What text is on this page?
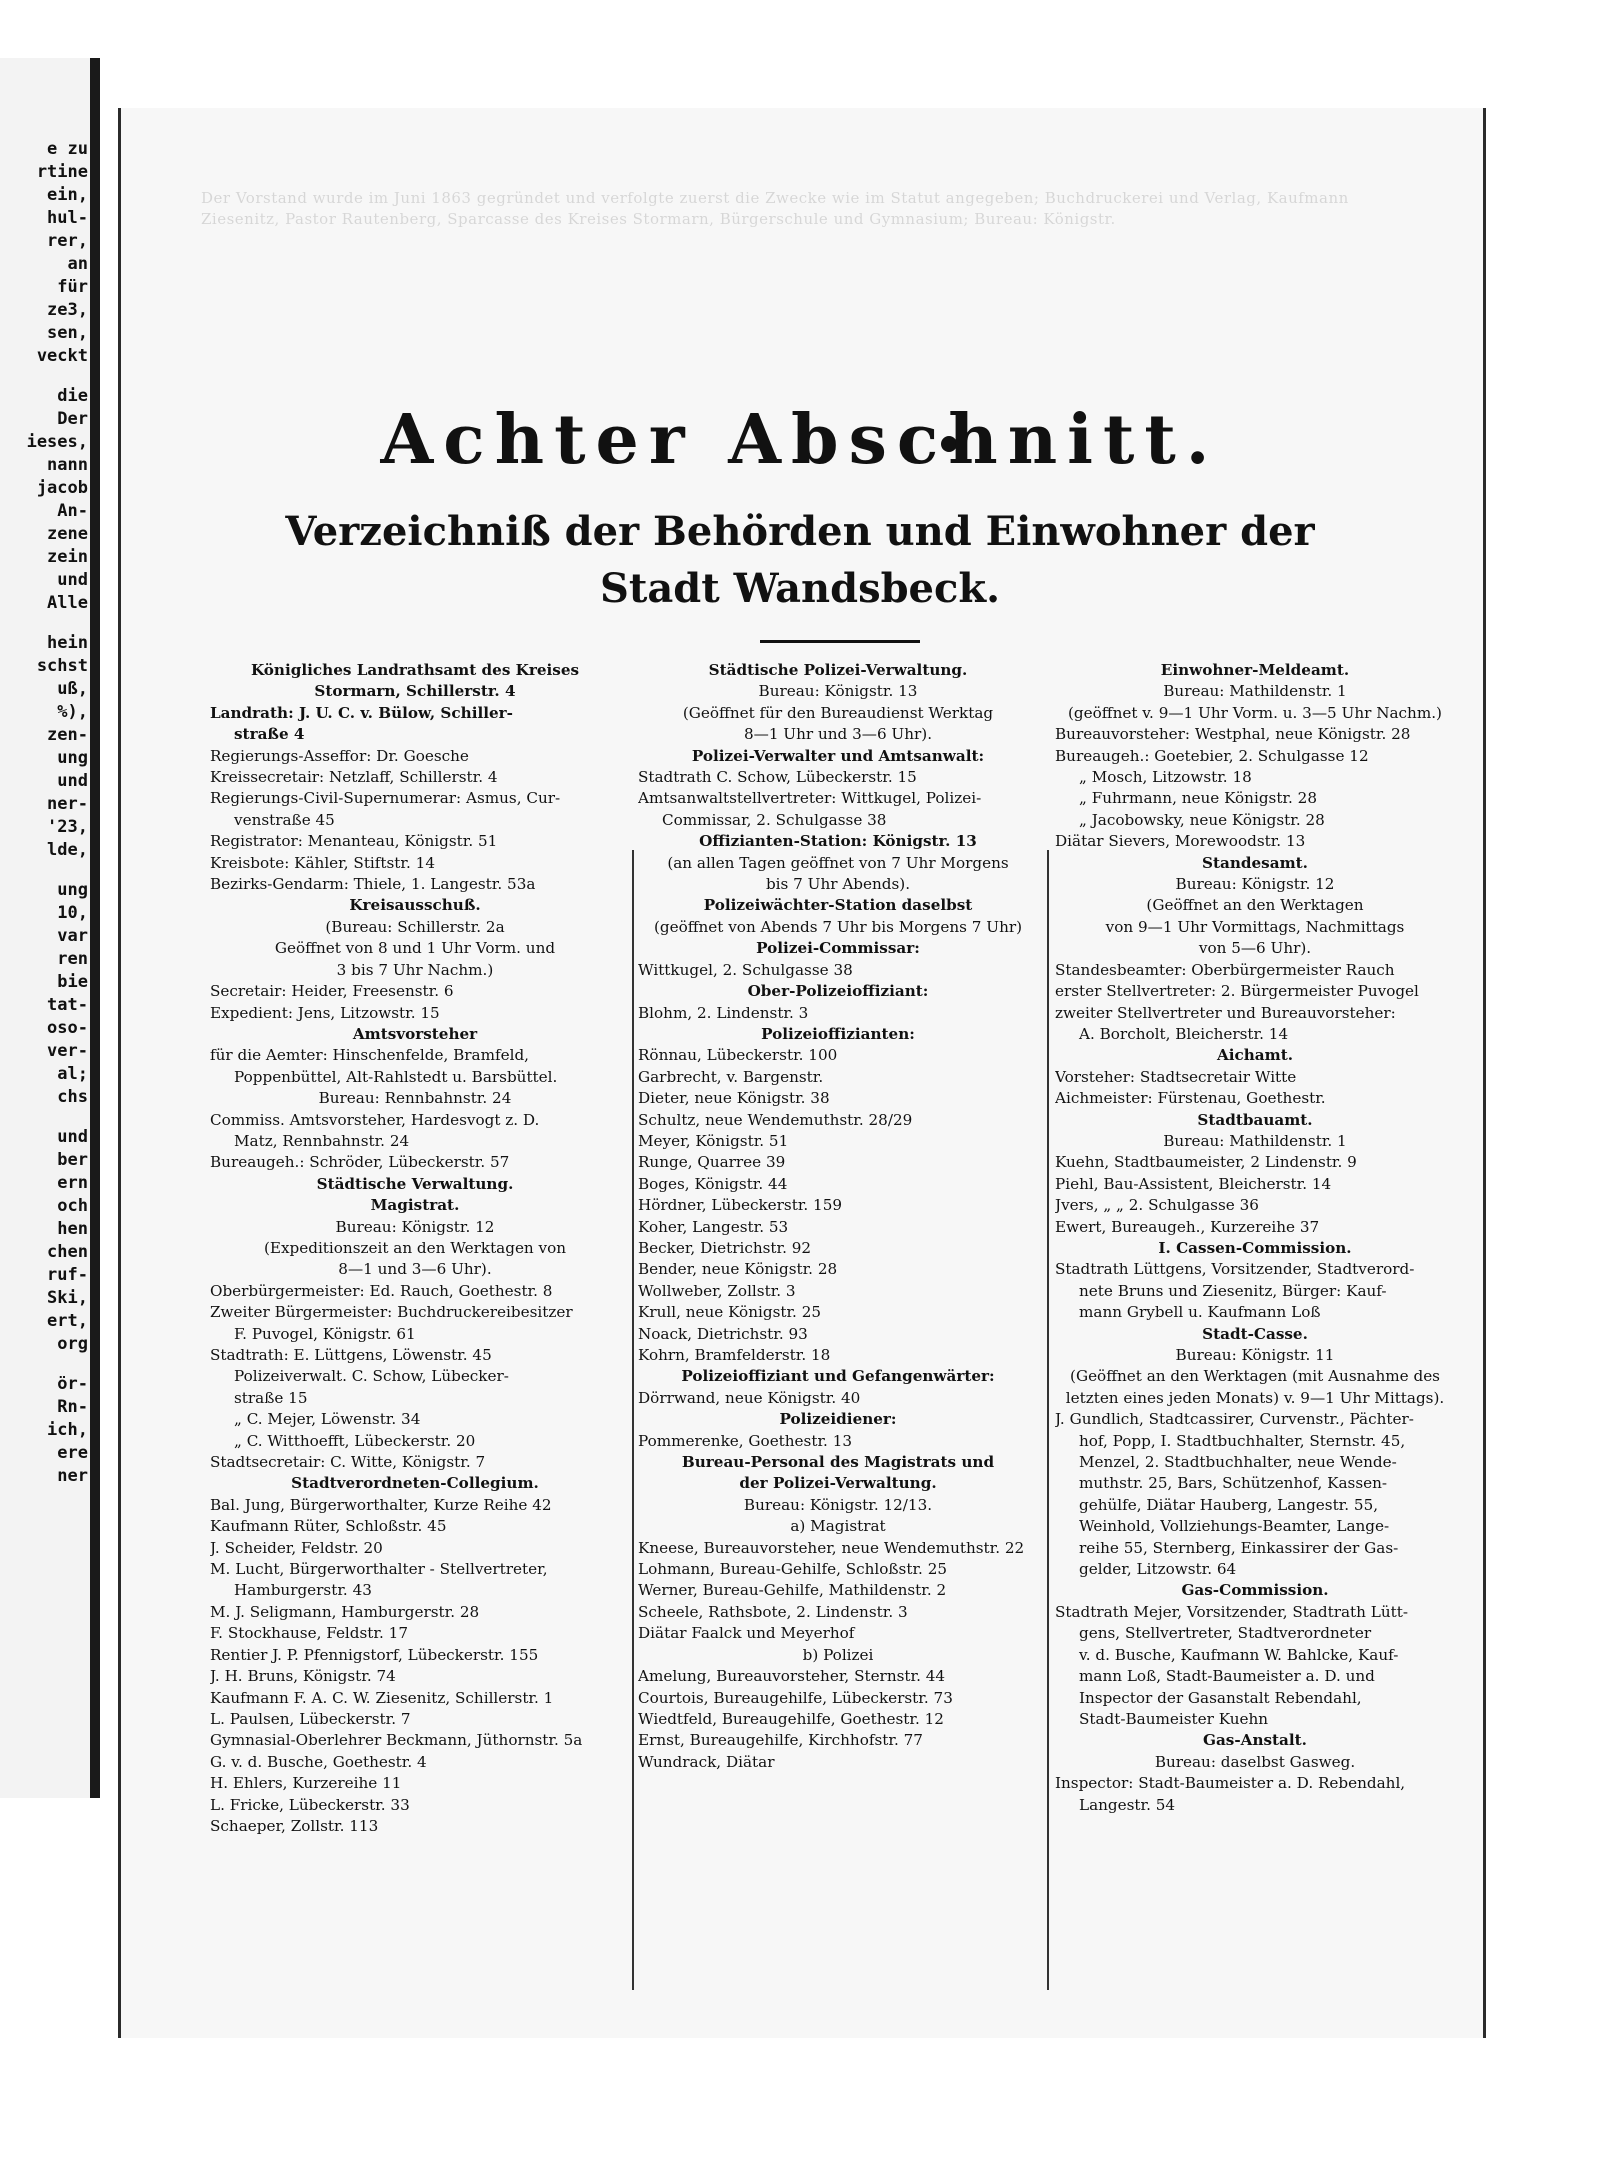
e zu
rtine
ein,
hul-
rer,
an
für
ze3,
sen,
veckt
die
Der
ieses,
nann
jacob
An-
zene
zein
und
Alle
hein
schst
uß,
%),
zen-
ung
und
ner-
'23,
lde,
ung
10,
var
ren
bie
tat-
oso-
ver-
al;
chs
und
ber
ern
och
hen
chen
ruf-
Ski,
ert,
org
ör-
Rn-
ich,
ere
ner
Der Vorstand wurde im Juni 1863 gegründet und verfolgte zuerst die Zwecke wie im Statut angegeben; Buchdruckerei und Verlag, Kaufmann Ziesenitz, Pastor Rautenberg, Sparcasse des Kreises Stormarn, Bürgerschule und Gymnasium; Bureau: Königstr.
Achter Abschnitt.
Verzeichniß der Behörden und Einwohner der
Stadt Wandsbeck.
Königliches Landrathsamt des Kreises
Stormarn, Schillerstr. 4
Landrath: J. U. C. v. Bülow, Schiller-
straße 4
Regierungs-Asseffor: Dr. Goesche
Kreissecretair: Netzlaff, Schillerstr. 4
Regierungs-Civil-Supernumerar: Asmus, Cur-
venstraße 45
Registrator: Menanteau, Königstr. 51
Kreisbote: Kähler, Stiftstr. 14
Bezirks-Gendarm: Thiele, 1. Langestr. 53a
Kreisausschuß.
(Bureau: Schillerstr. 2a
Geöffnet von 8 und 1 Uhr Vorm. und
3 bis 7 Uhr Nachm.)
Secretair: Heider, Freesenstr. 6
Expedient: Jens, Litzowstr. 15
Amtsvorsteher
für die Aemter: Hinschenfelde, Bramfeld,
Poppenbüttel, Alt-Rahlstedt u. Barsbüttel.
Bureau: Rennbahnstr. 24
Commiss. Amtsvorsteher, Hardesvogt z. D.
Matz, Rennbahnstr. 24
Bureaugeh.: Schröder, Lübeckerstr. 57
Städtische Verwaltung.
Magistrat.
Bureau: Königstr. 12
(Expeditionszeit an den Werktagen von
8—1 und 3—6 Uhr).
Oberbürgermeister: Ed. Rauch, Goethestr. 8
Zweiter Bürgermeister: Buchdruckereibesitzer
F. Puvogel, Königstr. 61
Stadtrath: E. Lüttgens, Löwenstr. 45
Polizeiverwalt. C. Schow, Lübecker-
straße 15
„ C. Mejer, Löwenstr. 34
„ C. Witthoefft, Lübeckerstr. 20
Stadtsecretair: C. Witte, Königstr. 7
Stadtverordneten-Collegium.
Bal. Jung, Bürgerworthalter, Kurze Reihe 42
Kaufmann Rüter, Schloßstr. 45
J. Scheider, Feldstr. 20
M. Lucht, Bürgerworthalter - Stellvertreter,
Hamburgerstr. 43
M. J. Seligmann, Hamburgerstr. 28
F. Stockhause, Feldstr. 17
Rentier J. P. Pfennigstorf, Lübeckerstr. 155
J. H. Bruns, Königstr. 74
Kaufmann F. A. C. W. Ziesenitz, Schillerstr. 1
L. Paulsen, Lübeckerstr. 7
Gymnasial-Oberlehrer Beckmann, Jüthornstr. 5a
G. v. d. Busche, Goethestr. 4
H. Ehlers, Kurzereihe 11
L. Fricke, Lübeckerstr. 33
Schaeper, Zollstr. 113
Städtische Polizei-Verwaltung.
Bureau: Königstr. 13
(Geöffnet für den Bureaudienst Werktag
8—1 Uhr und 3—6 Uhr).
Polizei-Verwalter und Amtsanwalt:
Stadtrath C. Schow, Lübeckerstr. 15
Amtsanwaltstellvertreter: Wittkugel, Polizei-
Commissar, 2. Schulgasse 38
Offizianten-Station: Königstr. 13
(an allen Tagen geöffnet von 7 Uhr Morgens
bis 7 Uhr Abends).
Polizeiwächter-Station daselbst
(geöffnet von Abends 7 Uhr bis Morgens 7 Uhr)
Polizei-Commissar:
Wittkugel, 2. Schulgasse 38
Ober-Polizeioffiziant:
Blohm, 2. Lindenstr. 3
Polizeioffizianten:
Rönnau, Lübeckerstr. 100
Garbrecht, v. Bargenstr.
Dieter, neue Königstr. 38
Schultz, neue Wendemuthstr. 28/29
Meyer, Königstr. 51
Runge, Quarree 39
Boges, Königstr. 44
Hördner, Lübeckerstr. 159
Koher, Langestr. 53
Becker, Dietrichstr. 92
Bender, neue Königstr. 28
Wollweber, Zollstr. 3
Krull, neue Königstr. 25
Noack, Dietrichstr. 93
Kohrn, Bramfelderstr. 18
Polizeioffiziant und Gefangenwärter:
Dörrwand, neue Königstr. 40
Polizeidiener:
Pommerenke, Goethestr. 13
Bureau-Personal des Magistrats und
der Polizei-Verwaltung.
Bureau: Königstr. 12/13.
a) Magistrat
Kneese, Bureauvorsteher, neue Wendemuthstr. 22
Lohmann, Bureau-Gehilfe, Schloßstr. 25
Werner, Bureau-Gehilfe, Mathildenstr. 2
Scheele, Rathsbote, 2. Lindenstr. 3
Diätar Faalck und Meyerhof
b) Polizei
Amelung, Bureauvorsteher, Sternstr. 44
Courtois, Bureaugehilfe, Lübeckerstr. 73
Wiedtfeld, Bureaugehilfe, Goethestr. 12
Ernst, Bureaugehilfe, Kirchhofstr. 77
Wundrack, Diätar
Einwohner-Meldeamt.
Bureau: Mathildenstr. 1
(geöffnet v. 9—1 Uhr Vorm. u. 3—5 Uhr Nachm.)
Bureauvorsteher: Westphal, neue Königstr. 28
Bureaugeh.: Goetebier, 2. Schulgasse 12
„ Mosch, Litzowstr. 18
„ Fuhrmann, neue Königstr. 28
„ Jacobowsky, neue Königstr. 28
Diätar Sievers, Morewoodstr. 13
Standesamt.
Bureau: Königstr. 12
(Geöffnet an den Werktagen
von 9—1 Uhr Vormittags, Nachmittags
von 5—6 Uhr).
Standesbeamter: Oberbürgermeister Rauch
erster Stellvertreter: 2. Bürgermeister Puvogel
zweiter Stellvertreter und Bureauvorsteher:
A. Borcholt, Bleicherstr. 14
Aichamt.
Vorsteher: Stadtsecretair Witte
Aichmeister: Fürstenau, Goethestr.
Stadtbauamt.
Bureau: Mathildenstr. 1
Kuehn, Stadtbaumeister, 2 Lindenstr. 9
Piehl, Bau-Assistent, Bleicherstr. 14
Jvers, „ „ 2. Schulgasse 36
Ewert, Bureaugeh., Kurzereihe 37
I. Cassen-Commission.
Stadtrath Lüttgens, Vorsitzender, Stadtverord-
nete Bruns und Ziesenitz, Bürger: Kauf-
mann Grybell u. Kaufmann Loß
Stadt-Casse.
Bureau: Königstr. 11
(Geöffnet an den Werktagen (mit Ausnahme des
letzten eines jeden Monats) v. 9—1 Uhr Mittags).
J. Gundlich, Stadtcassirer, Curvenstr., Pächter-
hof, Popp, I. Stadtbuchhalter, Sternstr. 45,
Menzel, 2. Stadtbuchhalter, neue Wende-
muthstr. 25, Bars, Schützenhof, Kassen-
gehülfe, Diätar Hauberg, Langestr. 55,
Weinhold, Vollziehungs-Beamter, Lange-
reihe 55, Sternberg, Einkassirer der Gas-
gelder, Litzowstr. 64
Gas-Commission.
Stadtrath Mejer, Vorsitzender, Stadtrath Lütt-
gens, Stellvertreter, Stadtverordneter
v. d. Busche, Kaufmann W. Bahlcke, Kauf-
mann Loß, Stadt-Baumeister a. D. und
Inspector der Gasanstalt Rebendahl,
Stadt-Baumeister Kuehn
Gas-Anstalt.
Bureau: daselbst Gasweg.
Inspector: Stadt-Baumeister a. D. Rebendahl,
Langestr. 54
